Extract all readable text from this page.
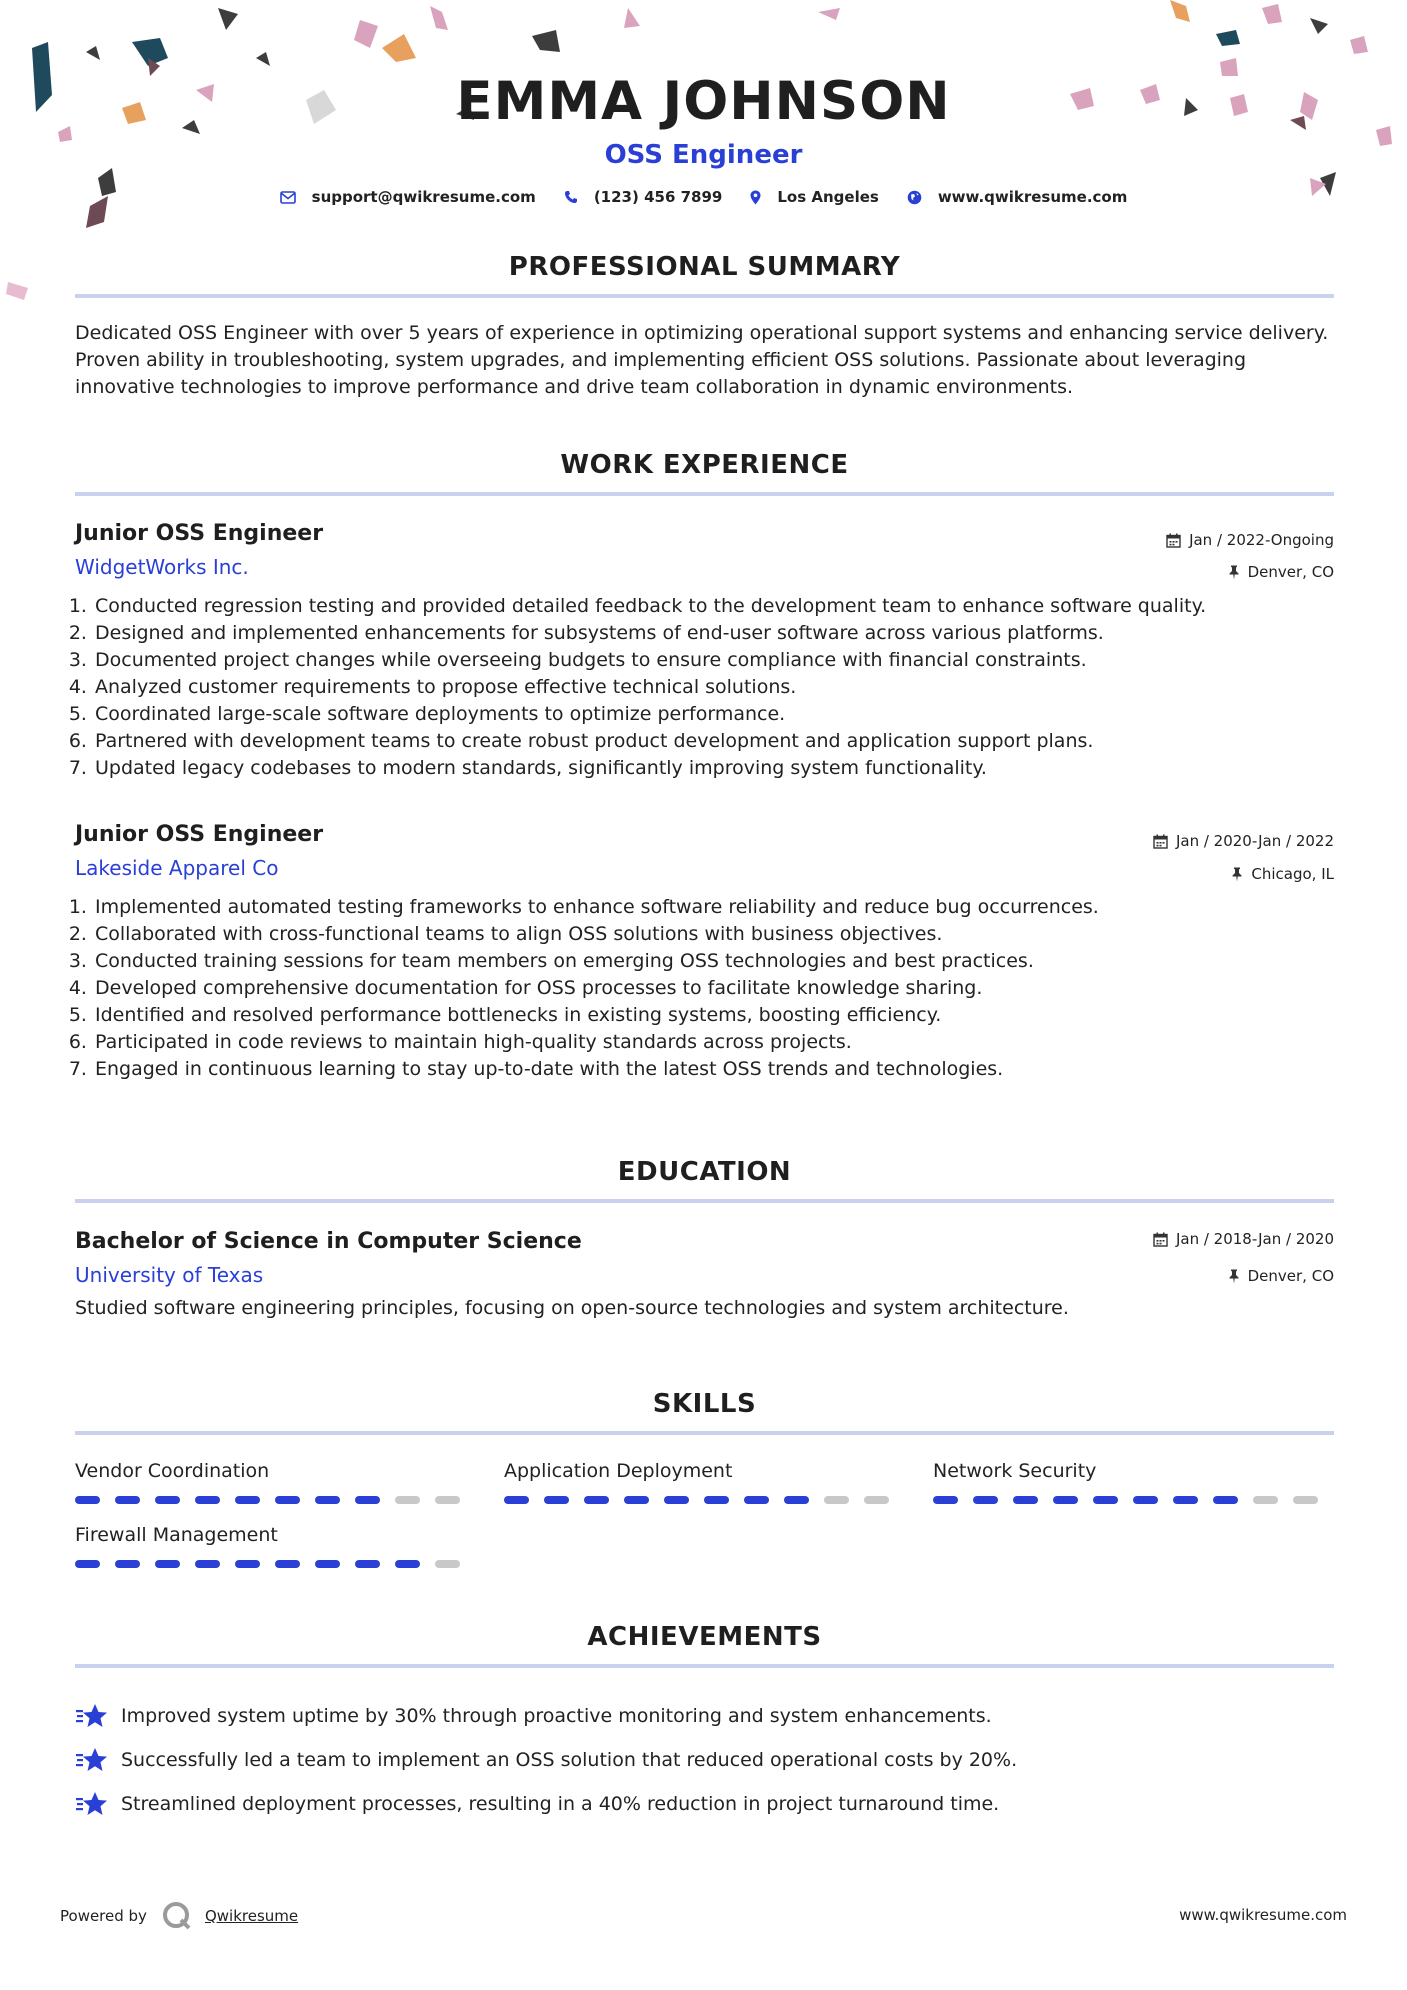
EMMA JOHNSON
OSS Engineer
support@qwikresume.com	(123) 456 7899	Los Angeles	www.qwikresume.com
PROFESSIONAL SUMMARY
Dedicated OSS Engineer with over 5 years of experience in optimizing operational support systems and enhancing service delivery. Proven ability in troubleshooting, system upgrades, and implementing efficient OSS solutions. Passionate about leveraging innovative technologies to improve performance and drive team collaboration in dynamic environments.
WORK EXPERIENCE
Junior OSS Engineer
WidgetWorks Inc.
Jan / 2022-Ongoing
Denver, CO
1. Conducted regression testing and provided detailed feedback to the development team to enhance software quality.
2. Designed and implemented enhancements for subsystems of end-user software across various platforms.
3. Documented project changes while overseeing budgets to ensure compliance with financial constraints.
4. Analyzed customer requirements to propose effective technical solutions.
5. Coordinated large-scale software deployments to optimize performance.
6. Partnered with development teams to create robust product development and application support plans.
7. Updated legacy codebases to modern standards, significantly improving system functionality.
Junior OSS Engineer
Lakeside Apparel Co
Jan / 2020-Jan / 2022
Chicago, IL
1. Implemented automated testing frameworks to enhance software reliability and reduce bug occurrences.
2. Collaborated with cross-functional teams to align OSS solutions with business objectives.
3. Conducted training sessions for team members on emerging OSS technologies and best practices.
4. Developed comprehensive documentation for OSS processes to facilitate knowledge sharing.
5. Identified and resolved performance bottlenecks in existing systems, boosting efficiency.
6. Participated in code reviews to maintain high-quality standards across projects.
7. Engaged in continuous learning to stay up-to-date with the latest OSS trends and technologies.
EDUCATION
Bachelor of Science in Computer Science
University of Texas
Jan / 2018-Jan / 2020
Denver, CO
Studied software engineering principles, focusing on open-source technologies and system architecture.
SKILLS
Vendor Coordination	Application Deployment	Network Security
Firewall Management
ACHIEVEMENTS
Improved system uptime by 30% through proactive monitoring and system enhancements.
Successfully led a team to implement an OSS solution that reduced operational costs by 20%.
Streamlined deployment processes, resulting in a 40% reduction in project turnaround time.
Powered by	Qwikresume	www.qwikresume.com
